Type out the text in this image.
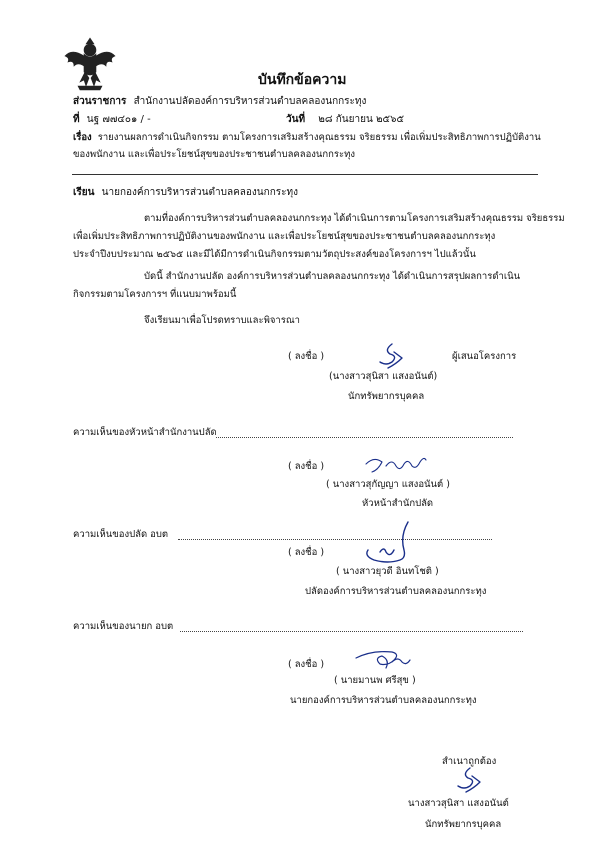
บันทึกข้อความ
ส่วนราชการ สำนักงานปลัดองค์การบริหารส่วนตำบลคลองนกกระทุง
ที่ นฐ ๗๗๔๐๑ / -	วันที่ ๒๘ กันยายน ๒๕๖๕
เรื่อง รายงานผลการดำเนินกิจกรรม ตามโครงการเสริมสร้างคุณธรรม จริยธรรม เพื่อเพิ่มประสิทธิภาพการปฏิบัติงาน
ของพนักงาน และเพื่อประโยชน์สุขของประชาชนตำบลคลองนกกระทุง
เรียน นายกองค์การบริหารส่วนตำบลคลองนกกระทุง
ตามที่องค์การบริหารส่วนตำบลคลองนกกระทุง ได้ดำเนินการตามโครงการเสริมสร้างคุณธรรม จริยธรรม
เพื่อเพิ่มประสิทธิภาพการปฏิบัติงานของพนักงาน และเพื่อประโยชน์สุขของประชาชนตำบลคลองนกกระทุง
ประจำปีงบประมาณ ๒๕๖๕ และมีได้มีการดำเนินกิจกรรมตามวัตถุประสงค์ของโครงการฯ ไปแล้วนั้น
บัดนี้ สำนักงานปลัด องค์การบริหารส่วนตำบลคลองนกกระทุง ได้ดำเนินการสรุปผลการดำเนิน
กิจกรรมตามโครงการฯ ที่แนบมาพร้อมนี้
จึงเรียนมาเพื่อโปรดทราบและพิจารณา
( ลงชื่อ )	ผู้เสนอโครงการ
(นางสาวสุนิสา แสงอนันต์)
นักทรัพยากรบุคคล
ความเห็นของหัวหน้าสำนักงานปลัด
( ลงชื่อ )
( นางสาวสุกัญญา แสงอนันต์ )
หัวหน้าสำนักปลัด
ความเห็นของปลัด อบต
( ลงชื่อ )
( นางสาวยุวดี อินทโชติ )
ปลัดองค์การบริหารส่วนตำบลคลองนกกระทุง
ความเห็นของนายก อบต
( ลงชื่อ )
( นายมานพ ศรีสุข )
นายกองค์การบริหารส่วนตำบลคลองนกกระทุง
สำเนาถูกต้อง
นางสาวสุนิสา แสงอนันต์
นักทรัพยากรบุคคล
